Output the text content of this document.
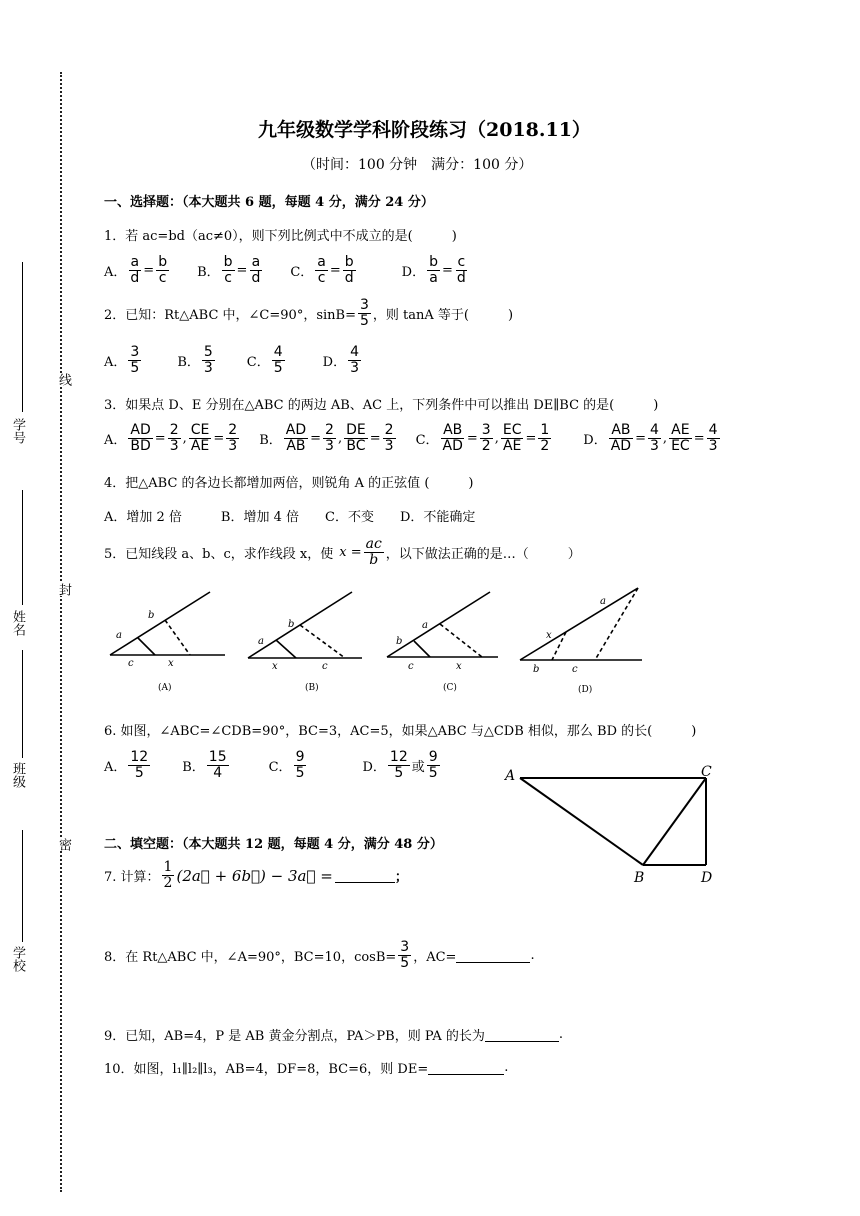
学校
班级
姓名
学号
密
封
线
九年级数学学科阶段练习（2018.11）
（时间：100 分钟　满分：100 分）
一、选择题：（本大题共 6 题，每题 4 分，满分 24 分）
1．若 ac=bd（ac≠0），则下列比例式中不成立的是(　　　)
A． $\frac{a}{d} = \frac{b}{c}$ B． $\frac{b}{c} = \frac{a}{d}$ C． $\frac{a}{c} = \frac{b}{d}$	D． $\frac{b}{a} = \frac{c}{d}$
2．已知：Rt△ABC 中，∠C=90°，$\sin B= \frac{3}{5}$ ，则 tanA 等于(　　　)
A． $\frac{3}{5}$	B． $\frac{5}{3}$ C． $\frac{4}{5}$	D． $\frac{4}{3}$
3．如果点 D、E 分别在△ABC 的两边 AB、AC 上，下列条件中可以推出 DE∥BC 的是(　　　)
A． $\frac{AD}{BD} = \frac{2}{3}$ , $\frac{CE}{AE} = \frac{2}{3}$ B． $\frac{AD}{AB} = \frac{2}{3}$ , $\frac{DE}{BC} = \frac{2}{3}$ C． $\frac{AB}{AD} = \frac{3}{2}$ , $\frac{EC}{AE} = \frac{1}{2}$ D． $\frac{AB}{AD} = \frac{4}{3}$ , $\frac{AE}{EC} = \frac{4}{3}$
4．把△ABC 的各边长都增加两倍，则锐角 A 的正弦值 (　　　)
A．增加 2 倍　　　B．增加 4 倍　　C．不变　　D．不能确定
5．已知线段 a、b、c，求作线段 x，使 $x = \frac{ac}{b}$ ，以下做法正确的是…（　　　）
a
b
c	x
(A)
a
b
x	c
(B)
b
a
c	x
(C)
x
a
b	c
(D)
6. 如图，∠ABC=∠CDB=90°，BC=3，AC=5，如果△ABC 与△CDB 相似，那么 BD 的长(　　　)
A． $\frac{12}{5}$ B． $\frac{15}{4}$	C． $\frac{9}{5}$	D． $\frac{12}{5}$ 或 $\frac{9}{5}$	A	C
B	D
二、填空题：（本大题共 12 题，每题 4 分，满分 48 分）
7. 计算： $\frac{1}{2}$ (2a⃗ + 6b⃗) − 3a⃗ =	；
8．在 Rt△ABC 中，∠A=90°，BC=10，$\cos B= \frac{3}{5}$ ，AC=	.
9．已知，AB=4，P 是 AB 黄金分割点，PA＞PB，则 PA 的长为	.
10．如图，l₁∥l₂∥l₃，AB=4，DF=8，BC=6，则 DE=	.
